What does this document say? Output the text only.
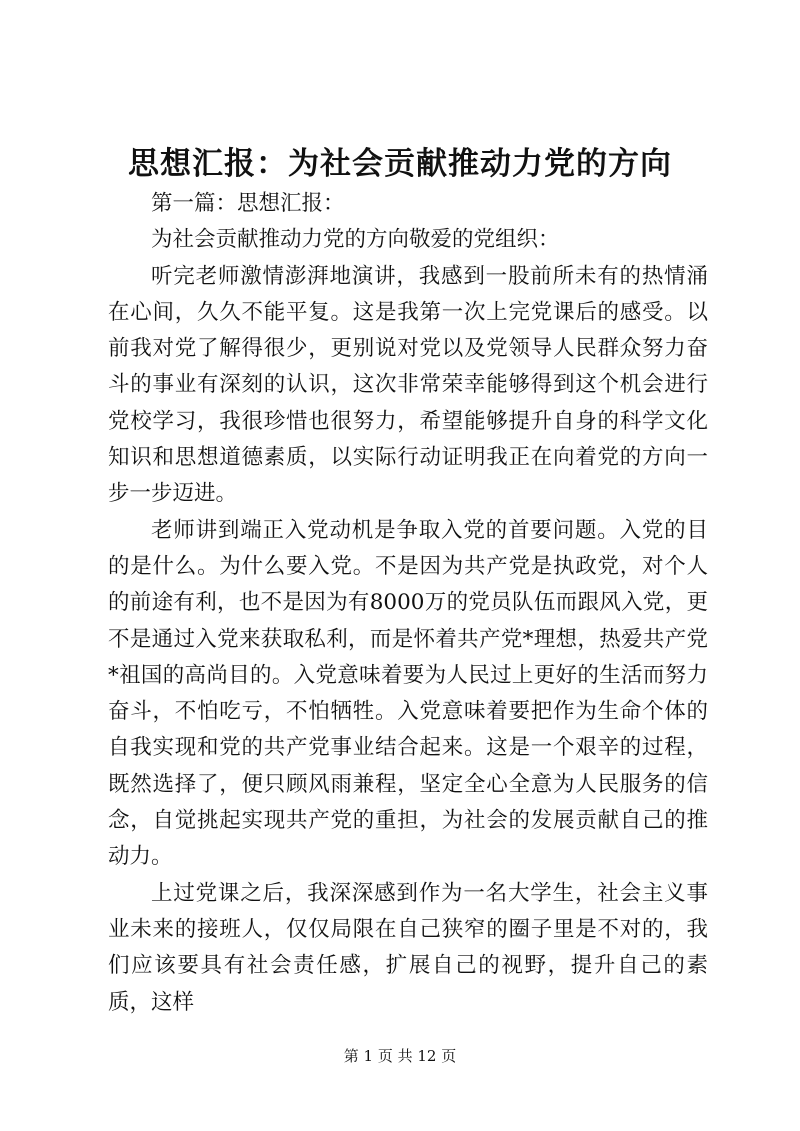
思想汇报：为社会贡献推动力党的方向

第一篇：思想汇报：

为社会贡献推动力党的方向敬爱的党组织：

听完老师激情澎湃地演讲，我感到一股前所未有的热情涌在心间，久久不能平复。这是我第一次上完党课后的感受。以前我对党了解得很少，更别说对党以及党领导人民群众努力奋斗的事业有深刻的认识，这次非常荣幸能够得到这个机会进行党校学习，我很珍惜也很努力，希望能够提升自身的科学文化知识和思想道德素质，以实际行动证明我正在向着党的方向一步一步迈进。

老师讲到端正入党动机是争取入党的首要问题。入党的目的是什么。为什么要入党。不是因为共产党是执政党，对个人的前途有利，也不是因为有8000万的党员队伍而跟风入党，更不是通过入党来获取私利，而是怀着共产党*理想，热爱共产党*祖国的高尚目的。入党意味着要为人民过上更好的生活而努力奋斗，不怕吃亏，不怕牺牲。入党意味着要把作为生命个体的自我实现和党的共产党事业结合起来。这是一个艰辛的过程，既然选择了，便只顾风雨兼程，坚定全心全意为人民服务的信念，自觉挑起实现共产党的重担，为社会的发展贡献自己的推动力。

上过党课之后，我深深感到作为一名大学生，社会主义事业未来的接班人，仅仅局限在自己狭窄的圈子里是不对的，我们应该要具有社会责任感，扩展自己的视野，提升自己的素质，这样

第 1 页 共 12 页
